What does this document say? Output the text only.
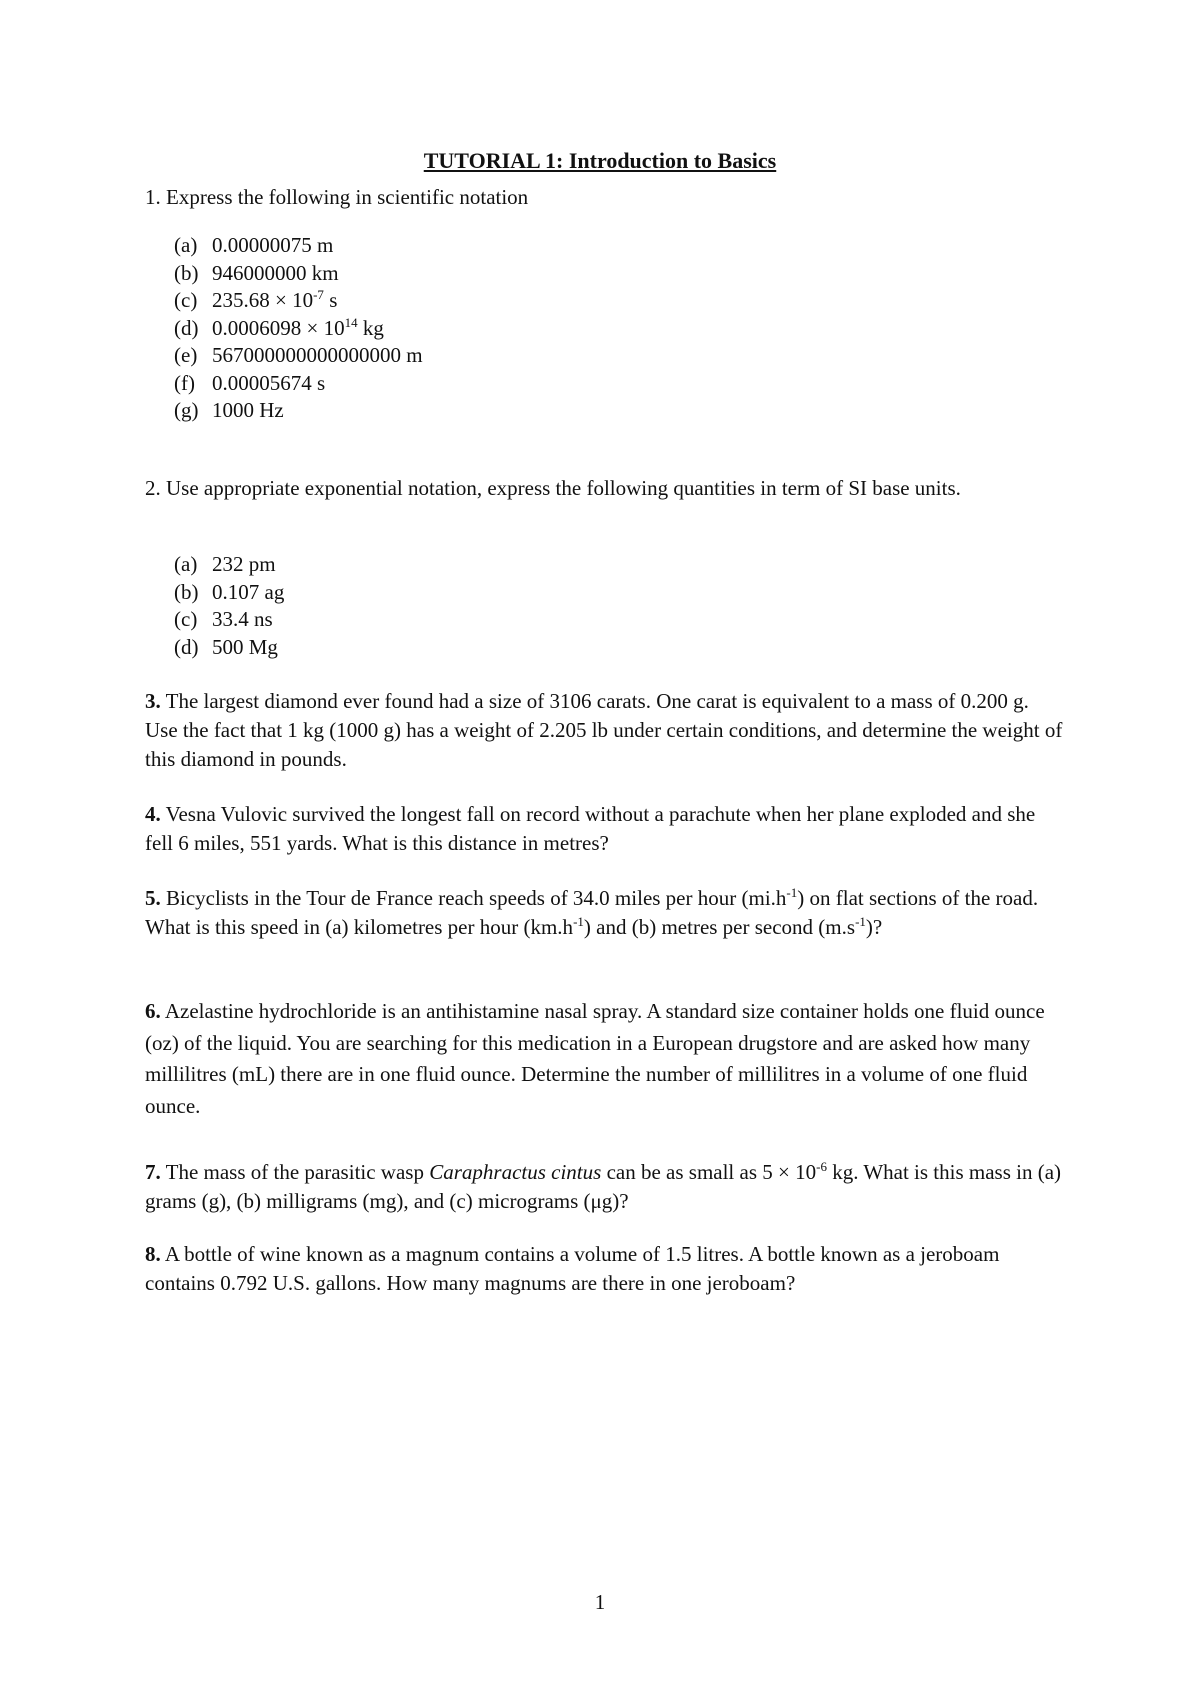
TUTORIAL 1: Introduction to Basics
1. Express the following in scientific notation
(a) 0.00000075 m
(b) 946000000 km
(c) $235.68 \times 10^{-7}$ s
(d) $0.0006098 \times 10^{14}$ kg
(e) 567000000000000000 m
(f) 0.00005674 s
(g) 1000 Hz
2. Use appropriate exponential notation, express the following quantities in term of SI base units.
(a) 232 pm
(b) 0.107 ag
(c) 33.4 ns
(d) 500 Mg
3. The largest diamond ever found had a size of 3106 carats. One carat is equivalent to a mass of 0.200 g. Use the fact that 1 kg (1000 g) has a weight of 2.205 lb under certain conditions, and determine the weight of this diamond in pounds.
4. Vesna Vulovic survived the longest fall on record without a parachute when her plane exploded and she fell 6 miles, 551 yards. What is this distance in metres?
5. Bicyclists in the Tour de France reach speeds of 34.0 miles per hour $(mi.h^{-1})$ on flat sections of the road. What is this speed in (a) kilometres per hour $(km.h^{-1})$ and (b) metres per second $(m.s^{-1})$?
6. Azelastine hydrochloride is an antihistamine nasal spray. A standard size container holds one fluid ounce (oz) of the liquid. You are searching for this medication in a European drugstore and are asked how many millilitres (mL) there are in one fluid ounce. Determine the number of millilitres in a volume of one fluid ounce.
7. The mass of the parasitic wasp Caraphractus cintus can be as small as $5 \times 10^{-6}$ kg. What is this mass in (a) grams (g), (b) milligrams (mg), and (c) micrograms (μg)?
8. A bottle of wine known as a magnum contains a volume of 1.5 litres. A bottle known as a jeroboam contains 0.792 U.S. gallons. How many magnums are there in one jeroboam?
1
